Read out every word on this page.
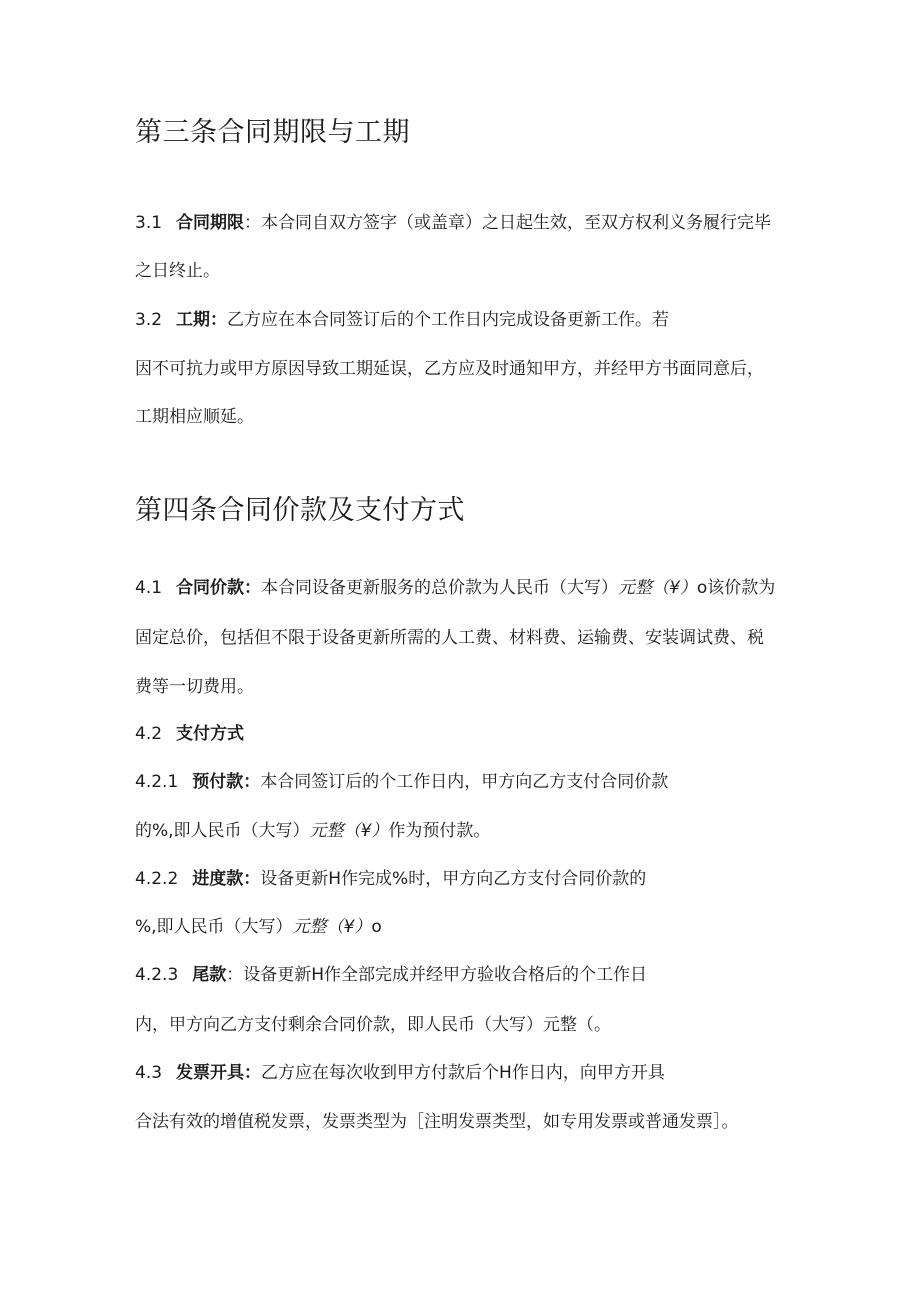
第三条合同期限与工期

3.1 合同期限：本合同自双方签字（或盖章）之日起生效，至双方权利义务履行完毕

之日终止。

3.2 工期：乙方应在本合同签订后的个工作日内完成设备更新工作。若

因不可抗力或甲方原因导致工期延误，乙方应及时通知甲方，并经甲方书面同意后，

工期相应顺延。

第四条合同价款及支付方式

4.1 合同价款：本合同设备更新服务的总价款为人民币（大写）元整（¥）o该价款为

固定总价，包括但不限于设备更新所需的人工费、材料费、运输费、安装调试费、税

费等一切费用。

4.2 支付方式

4.2.1 预付款：本合同签订后的个工作日内，甲方向乙方支付合同价款

的%,即人民币（大写）元整（¥）作为预付款。

4.2.2 进度款：设备更新H作完成%时，甲方向乙方支付合同价款的

%,即人民币（大写）元整（¥）o

4.2.3 尾款：设备更新H作全部完成并经甲方验收合格后的个工作日

内，甲方向乙方支付剩余合同价款，即人民币（大写）元整（。

4.3 发票开具：乙方应在每次收到甲方付款后个H作日内，向甲方开具

合法有效的增值税发票，发票类型为［注明发票类型，如专用发票或普通发票］。
